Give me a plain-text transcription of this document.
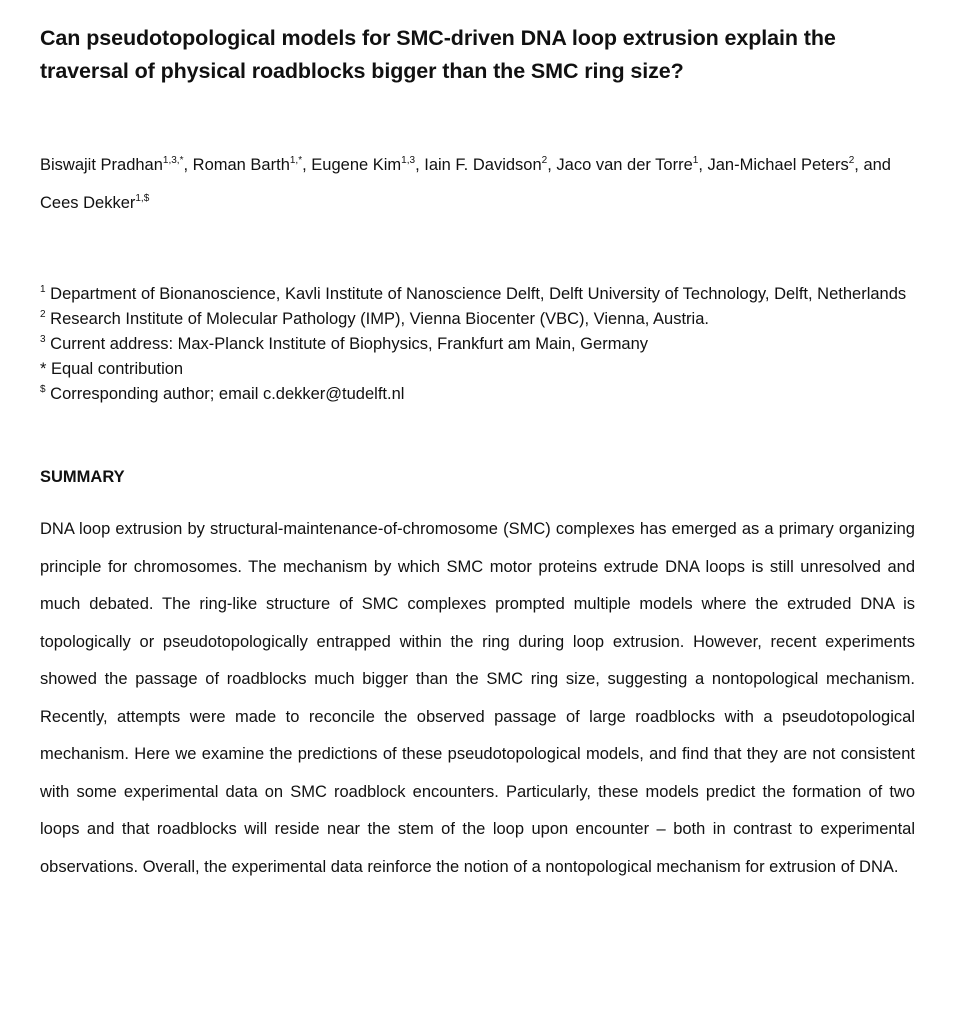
Can pseudotopological models for SMC-driven DNA loop extrusion explain the traversal of physical roadblocks bigger than the SMC ring size?
Biswajit Pradhan$^{1,3,*}$, Roman Barth$^{1,*}$, Eugene Kim$^{1,3}$, Iain F. Davidson$^2$, Jaco van der Torre$^1$, Jan-Michael Peters$^2$, and Cees Dekker$^{1,\$}$
$^1$ Department of Bionanoscience, Kavli Institute of Nanoscience Delft, Delft University of Technology, Delft, Netherlands
$^2$ Research Institute of Molecular Pathology (IMP), Vienna Biocenter (VBC), Vienna, Austria.
$^3$ Current address: Max-Planck Institute of Biophysics, Frankfurt am Main, Germany
* Equal contribution
$ Corresponding author; email c.dekker@tudelft.nl
SUMMARY

DNA loop extrusion by structural-maintenance-of-chromosome (SMC) complexes has emerged as a primary organizing principle for chromosomes. The mechanism by which SMC motor proteins extrude DNA loops is still unresolved and much debated. The ring-like structure of SMC complexes prompted multiple models where the extruded DNA is topologically or pseudotopologically entrapped within the ring during loop extrusion. However, recent experiments showed the passage of roadblocks much bigger than the SMC ring size, suggesting a nontopological mechanism. Recently, attempts were made to reconcile the observed passage of large roadblocks with a pseudotopological mechanism. Here we examine the predictions of these pseudotopological models, and find that they are not consistent with some experimental data on SMC roadblock encounters. Particularly, these models predict the formation of two loops and that roadblocks will reside near the stem of the loop upon encounter – both in contrast to experimental observations. Overall, the experimental data reinforce the notion of a nontopological mechanism for extrusion of DNA.
